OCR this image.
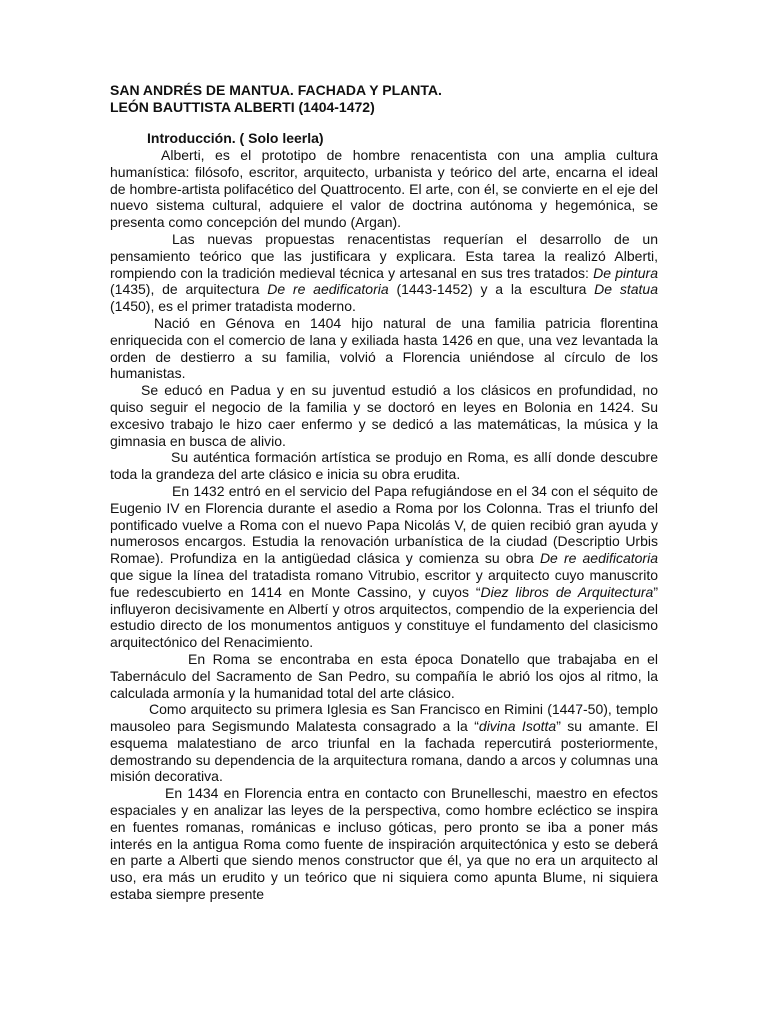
SAN ANDRÉS DE MANTUA. FACHADA Y PLANTA.

LEÓN BAUTTISTA ALBERTI (1404-1472)

Introducción. ( Solo leerla)

Alberti, es el prototipo de hombre renacentista con una amplia cultura humanística: filósofo, escritor, arquitecto, urbanista y teórico del arte, encarna el ideal de hombre-artista polifacético del Quattrocento. El arte, con él, se convierte en el eje del nuevo sistema cultural, adquiere el valor de doctrina autónoma y hegemónica, se presenta como concepción del mundo (Argan).

Las nuevas propuestas renacentistas requerían el desarrollo de un pensamiento teórico que las justificara y explicara. Esta tarea la realizó Alberti, rompiendo con la tradición medieval técnica y artesanal en sus tres tratados: De pintura (1435), de arquitectura De re aedificatoria (1443-1452) y a la escultura De statua (1450), es el primer tratadista moderno.

Nació en Génova en 1404 hijo natural de una familia patricia florentina enriquecida con el comercio de lana y exiliada hasta 1426 en que, una vez levantada la orden de destierro a su familia, volvió a Florencia uniéndose al círculo de los humanistas.

Se educó en Padua y en su juventud estudió a los clásicos en profundidad, no quiso seguir el negocio de la familia y se doctoró en leyes en Bolonia en 1424. Su excesivo trabajo le hizo caer enfermo y se dedicó a las matemáticas, la música y la gimnasia en busca de alivio.

Su auténtica formación artística se produjo en Roma, es allí donde descubre toda la grandeza del arte clásico e inicia su obra erudita.

En 1432 entró en el servicio del Papa refugiándose en el 34 con el séquito de Eugenio IV en Florencia durante el asedio a Roma por los Colonna. Tras el triunfo del pontificado vuelve a Roma con el nuevo Papa Nicolás V, de quien recibió gran ayuda y numerosos encargos. Estudia la renovación urbanística de la ciudad (Descriptio Urbis Romae). Profundiza en la antigüedad clásica y comienza su obra De re aedificatoria que sigue la línea del tratadista romano Vitrubio, escritor y arquitecto cuyo manuscrito fue redescubierto en 1414 en Monte Cassino, y cuyos “Diez libros de Arquitectura” influyeron decisivamente en Albertí y otros arquitectos, compendio de la experiencia del estudio directo de los monumentos antiguos y constituye el fundamento del clasicismo arquitectónico del Renacimiento.

En Roma se encontraba en esta época Donatello que trabajaba en el Tabernáculo del Sacramento de San Pedro, su compañía le abrió los ojos al ritmo, la calculada armonía y la humanidad total del arte clásico.

Como arquitecto su primera Iglesia es San Francisco en Rimini (1447-50), templo mausoleo para Segismundo Malatesta consagrado a la “divina Isotta” su amante. El esquema malatestiano de arco triunfal en la fachada repercutirá posteriormente, demostrando su dependencia de la arquitectura romana, dando a arcos y columnas una misión decorativa.

En 1434 en Florencia entra en contacto con Brunelleschi, maestro en efectos espaciales y en analizar las leyes de la perspectiva, como hombre ecléctico se inspira en fuentes romanas, románicas e incluso góticas, pero pronto se iba a poner más interés en la antigua Roma como fuente de inspiración arquitectónica y esto se deberá en parte a Alberti que siendo menos constructor que él, ya que no era un arquitecto al uso, era más un erudito y un teórico que ni siquiera como apunta Blume, ni siquiera estaba siempre presente
